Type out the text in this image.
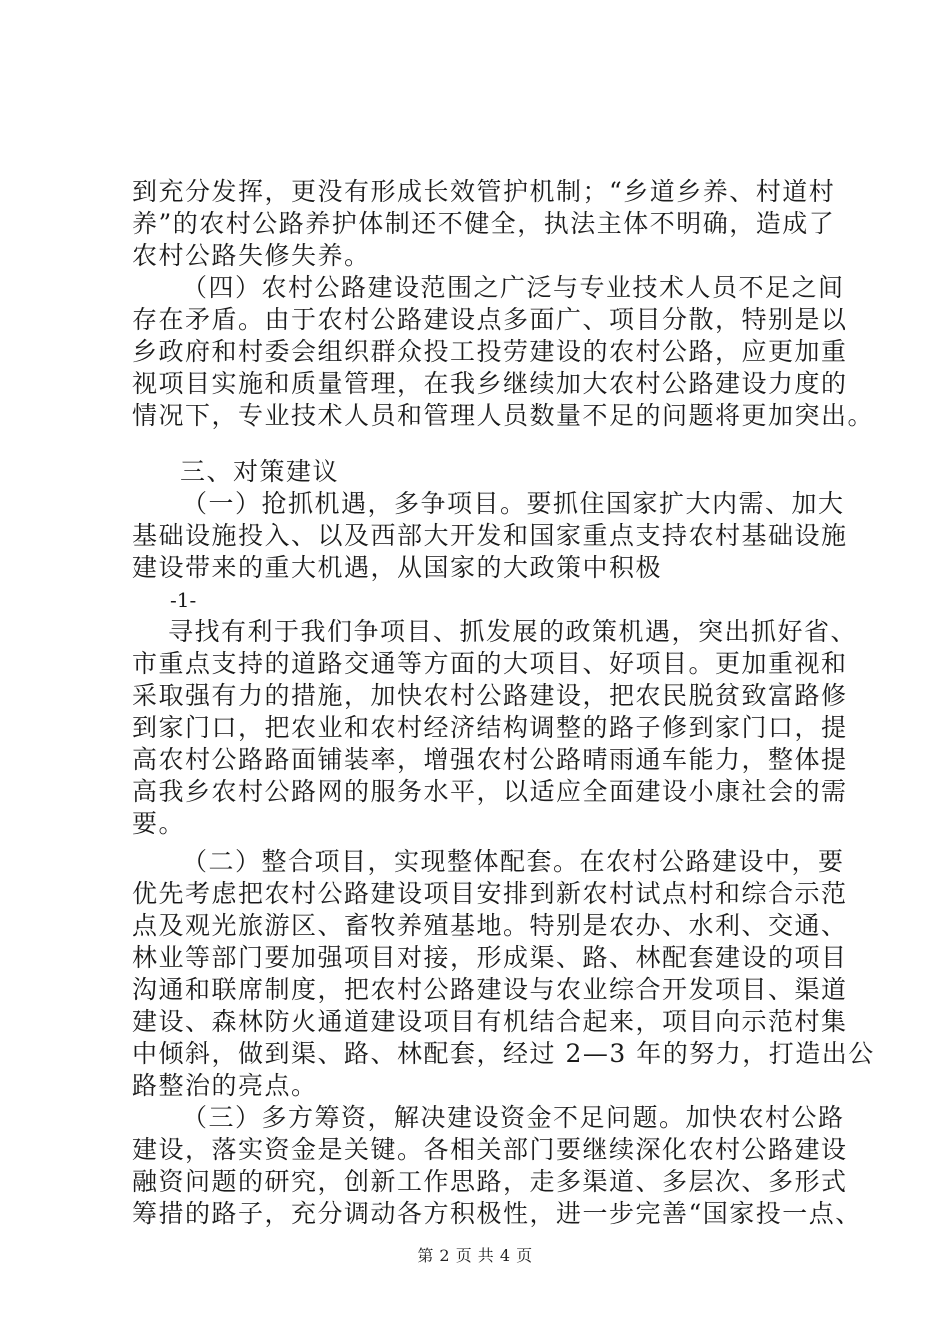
到充分发挥，更没有形成长效管护机制；“乡道乡养、村道村
养”的农村公路养护体制还不健全，执法主体不明确，造成了
农村公路失修失养。
（四）农村公路建设范围之广泛与专业技术人员不足之间
存在矛盾。由于农村公路建设点多面广、项目分散，特别是以
乡政府和村委会组织群众投工投劳建设的农村公路，应更加重
视项目实施和质量管理，在我乡继续加大农村公路建设力度的
情况下，专业技术人员和管理人员数量不足的问题将更加突出。
三、对策建议
（一）抢抓机遇，多争项目。要抓住国家扩大内需、加大
基础设施投入、以及西部大开发和国家重点支持农村基础设施
建设带来的重大机遇，从国家的大政策中积极
-1-
寻找有利于我们争项目、抓发展的政策机遇，突出抓好省、
市重点支持的道路交通等方面的大项目、好项目。更加重视和
采取强有力的措施，加快农村公路建设，把农民脱贫致富路修
到家门口，把农业和农村经济结构调整的路子修到家门口，提
高农村公路路面铺装率，增强农村公路晴雨通车能力，整体提
高我乡农村公路网的服务水平，以适应全面建设小康社会的需
要。
（二）整合项目，实现整体配套。在农村公路建设中，要
优先考虑把农村公路建设项目安排到新农村试点村和综合示范
点及观光旅游区、畜牧养殖基地。特别是农办、水利、交通、
林业等部门要加强项目对接，形成渠、路、林配套建设的项目
沟通和联席制度，把农村公路建设与农业综合开发项目、渠道
建设、森林防火通道建设项目有机结合起来，项目向示范村集
中倾斜，做到渠、路、林配套，经过 2—3 年的努力，打造出公
路整治的亮点。
（三）多方筹资，解决建设资金不足问题。加快农村公路
建设，落实资金是关键。各相关部门要继续深化农村公路建设
融资问题的研究，创新工作思路，走多渠道、多层次、多形式
筹措的路子，充分调动各方积极性，进一步完善“国家投一点、
第 2 页 共 4 页
